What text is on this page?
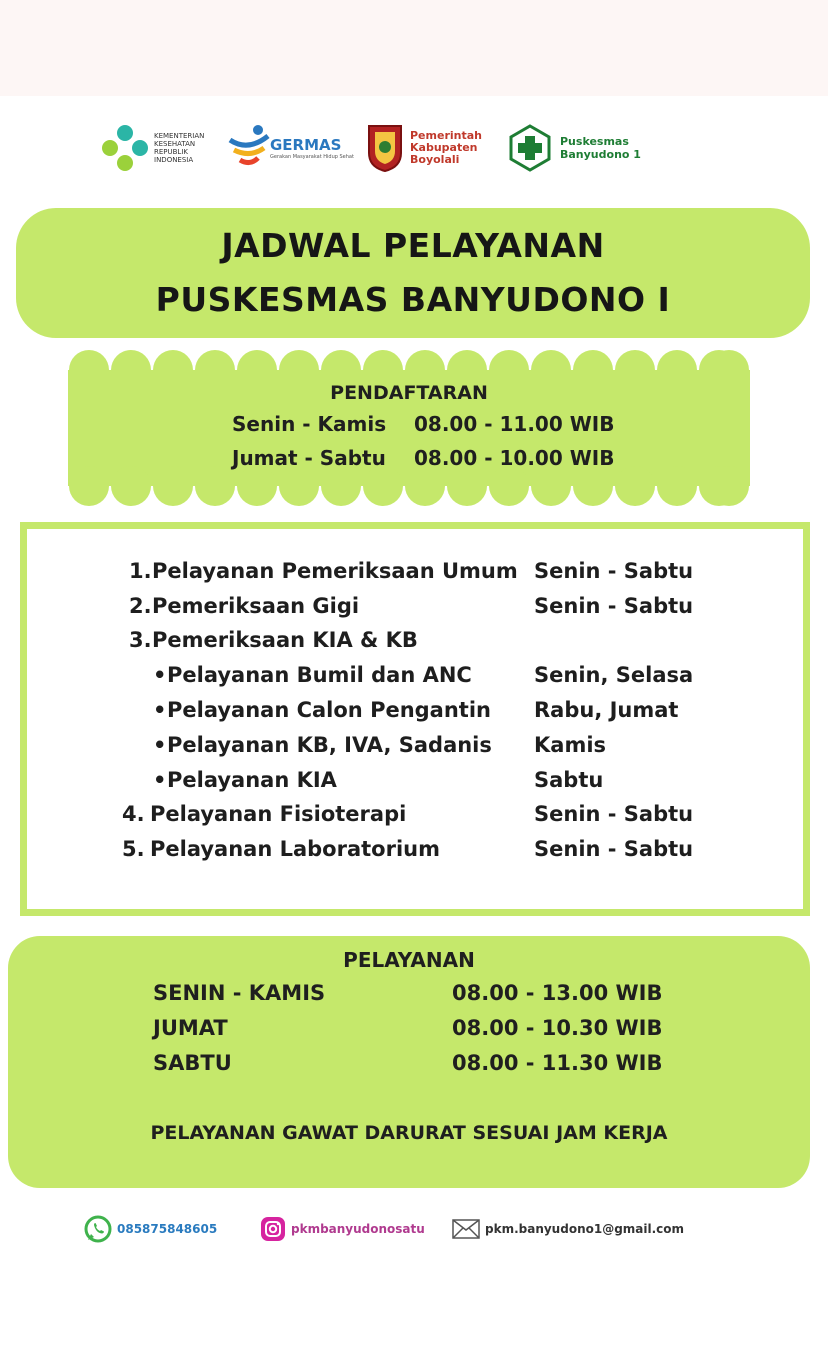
KEMENTERIAN
KESEHATAN
REPUBLIK
INDONESIA
GERMAS
Gerakan Masyarakat Hidup Sehat
Pemerintah
Kabupaten
Boyolali
Puskesmas
Banyudono 1
JADWAL PELAYANAN
PUSKESMAS BANYUDONO I
PENDAFTARAN
Senin - Kamis 08.00 - 11.00 WIB
Jumat - Sabtu 08.00 - 10.00 WIB
1. Pelayanan Pemeriksaan Umum Senin - Sabtu
2. Pemeriksaan Gigi	Senin - Sabtu
3. Pemeriksaan KIA & KB
• Pelayanan Bumil dan ANC	Senin, Selasa
• Pelayanan Calon Pengantin Rabu, Jumat
• Pelayanan KB, IVA, Sadanis Kamis
• Pelayanan KIA	Sabtu
4. Pelayanan Fisioterapi	Senin - Sabtu
5. Pelayanan Laboratorium	Senin - Sabtu
PELAYANAN
SENIN - KAMIS	08.00 - 13.00 WIB
JUMAT	08.00 - 10.30 WIB
SABTU	08.00 - 11.30 WIB
PELAYANAN GAWAT DARURAT SESUAI JAM KERJA
085875848605	pkmbanyudonosatu	pkm.banyudono1@gmail.com
